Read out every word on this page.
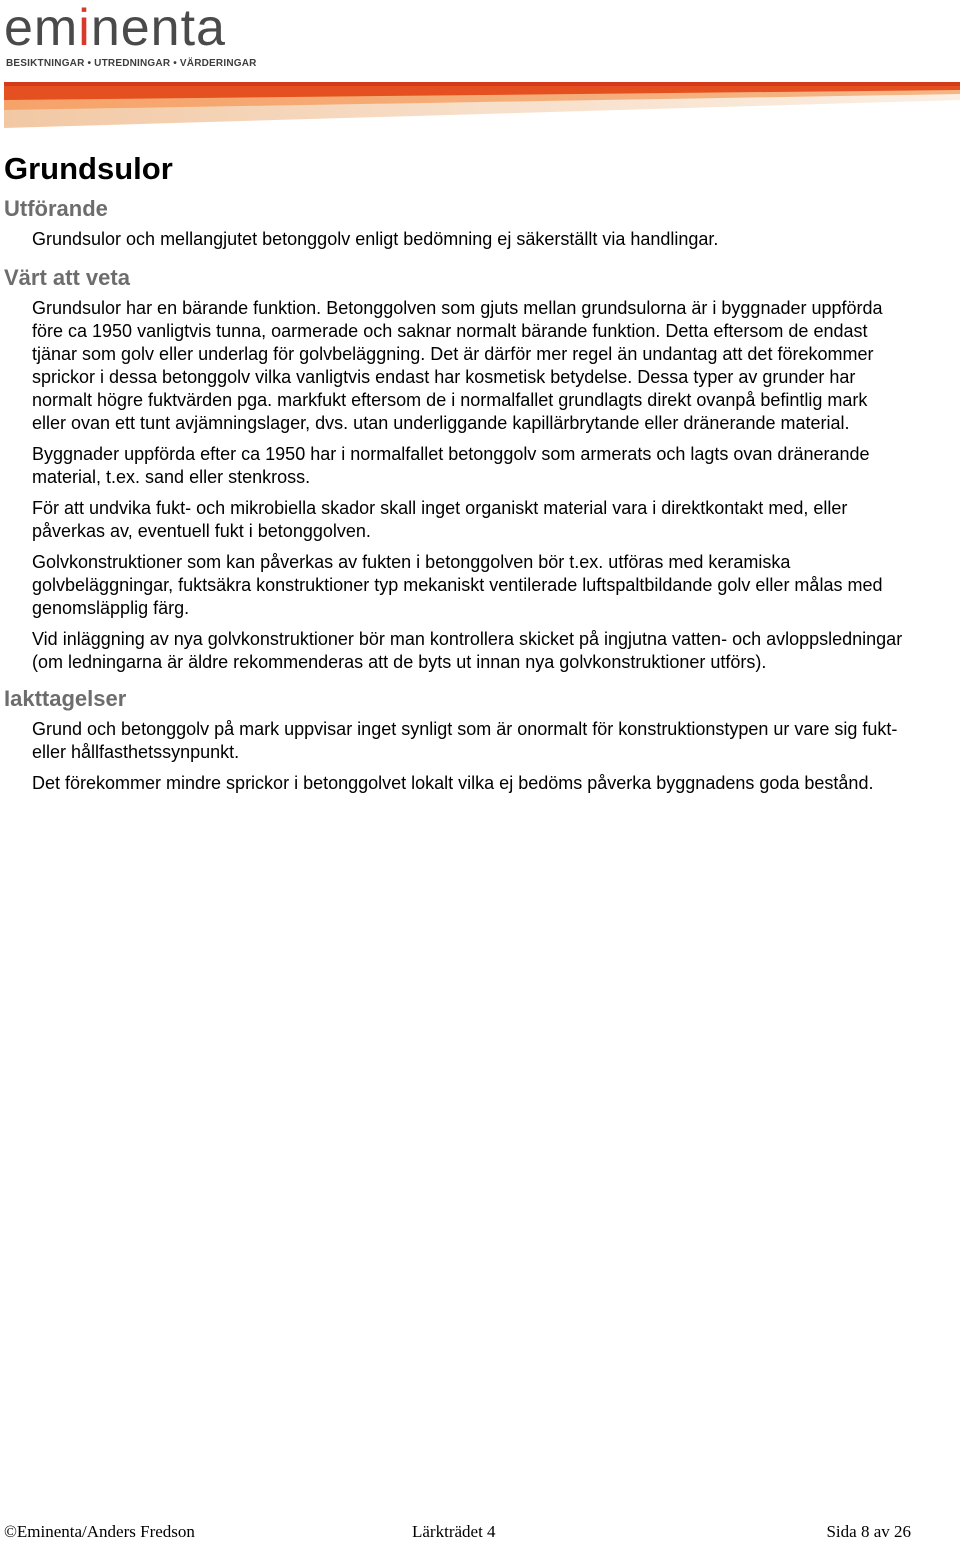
eminenta
BESIKTNINGAR • UTREDNINGAR • VÄRDERINGAR
Grundsulor
Utförande

Grundsulor och mellangjutet betonggolv enligt bedömning ej säkerställt via handlingar.

Värt att veta

Grundsulor har en bärande funktion. Betonggolven som gjuts mellan grundsulorna är i byggnader uppförda före ca 1950 vanligtvis tunna, oarmerade och saknar normalt bärande funktion. Detta eftersom de endast tjänar som golv eller underlag för golvbeläggning. Det är därför mer regel än undantag att det förekommer sprickor i dessa betonggolv vilka vanligtvis endast har kosmetisk betydelse. Dessa typer av grunder har normalt högre fuktvärden pga. markfukt eftersom de i normalfallet grundlagts direkt ovanpå befintlig mark eller ovan ett tunt avjämningslager, dvs. utan underliggande kapillärbrytande eller dränerande material.

Byggnader uppförda efter ca 1950 har i normalfallet betonggolv som armerats och lagts ovan dränerande material, t.ex. sand eller stenkross.

För att undvika fukt- och mikrobiella skador skall inget organiskt material vara i direktkontakt med, eller påverkas av, eventuell fukt i betonggolven.

Golvkonstruktioner som kan påverkas av fukten i betonggolven bör t.ex. utföras med keramiska golvbeläggningar, fuktsäkra konstruktioner typ mekaniskt ventilerade luftspaltbildande golv eller målas med genomsläpplig färg.

Vid inläggning av nya golvkonstruktioner bör man kontrollera skicket på ingjutna vatten- och avloppsledningar (om ledningarna är äldre rekommenderas att de byts ut innan nya golvkonstruktioner utförs).

Iakttagelser

Grund och betonggolv på mark uppvisar inget synligt som är onormalt för konstruktionstypen ur vare sig fukt- eller hållfasthetssynpunkt.

Det förekommer mindre sprickor i betonggolvet lokalt vilka ej bedöms påverka byggnadens goda bestånd.

©Eminenta/Anders Fredson	Lärkträdet 4	Sida 8 av 26
